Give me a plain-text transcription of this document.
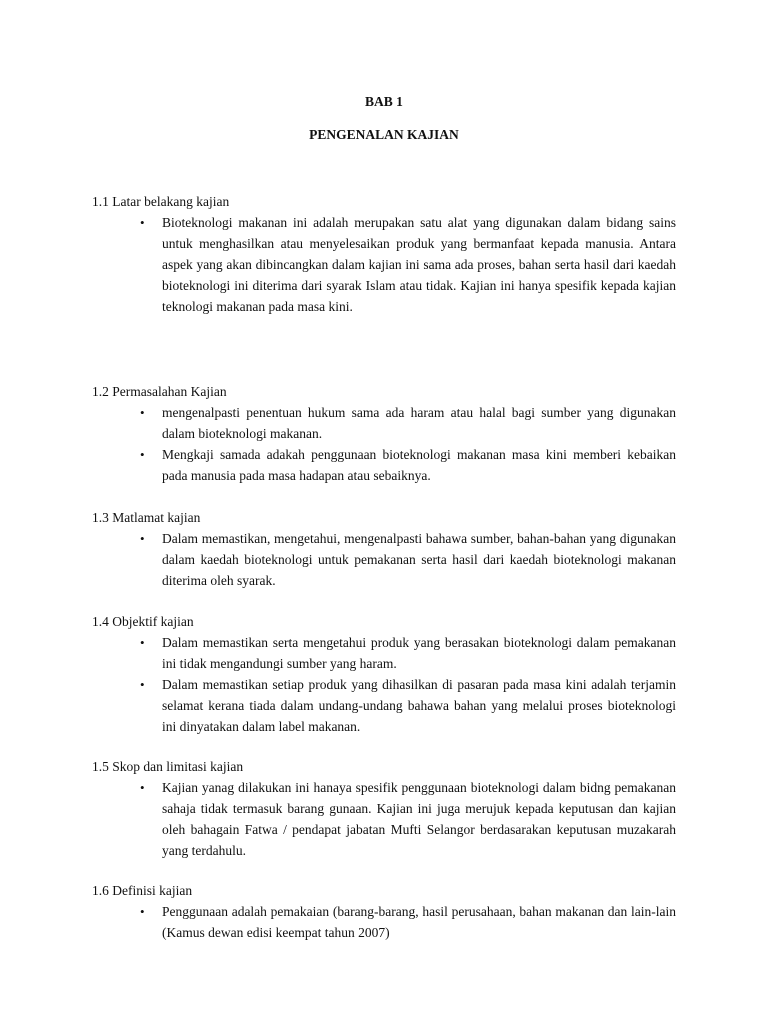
BAB 1
PENGENALAN KAJIAN

1.1 Latar belakang kajian

• Bioteknologi makanan ini adalah merupakan satu alat yang digunakan dalam bidang sains untuk menghasilkan atau menyelesaikan produk yang bermanfaat kepada manusia. Antara aspek yang akan dibincangkan dalam kajian ini sama ada proses, bahan serta hasil dari kaedah bioteknologi ini diterima dari syarak Islam atau tidak. Kajian ini hanya spesifik kepada kajian teknologi makanan pada masa kini.

1.2 Permasalahan Kajian

• mengenalpasti penentuan hukum sama ada haram atau halal bagi sumber yang digunakan dalam bioteknologi makanan.
• Mengkaji samada adakah penggunaan bioteknologi makanan masa kini memberi kebaikan pada manusia pada masa hadapan atau sebaiknya.

1.3 Matlamat kajian

• Dalam memastikan, mengetahui, mengenalpasti bahawa sumber, bahan-bahan yang digunakan dalam kaedah bioteknologi untuk pemakanan serta hasil dari kaedah bioteknologi makanan diterima oleh syarak.

1.4 Objektif kajian

• Dalam memastikan serta mengetahui produk yang berasakan bioteknologi dalam pemakanan ini tidak mengandungi sumber yang haram.
• Dalam memastikan setiap produk yang dihasilkan di pasaran pada masa kini adalah terjamin selamat kerana tiada dalam undang-undang bahawa bahan yang melalui proses bioteknologi ini dinyatakan dalam label makanan.

1.5 Skop dan limitasi kajian

• Kajian yanag dilakukan ini hanaya spesifik penggunaan bioteknologi dalam bidng pemakanan sahaja tidak termasuk barang gunaan. Kajian ini juga merujuk kepada keputusan dan kajian oleh bahagain Fatwa / pendapat jabatan Mufti Selangor berdasarakan keputusan muzakarah yang terdahulu.

1.6 Definisi kajian

• Penggunaan adalah pemakaian (barang-barang, hasil perusahaan, bahan makanan dan lain-lain (Kamus dewan edisi keempat tahun 2007)
